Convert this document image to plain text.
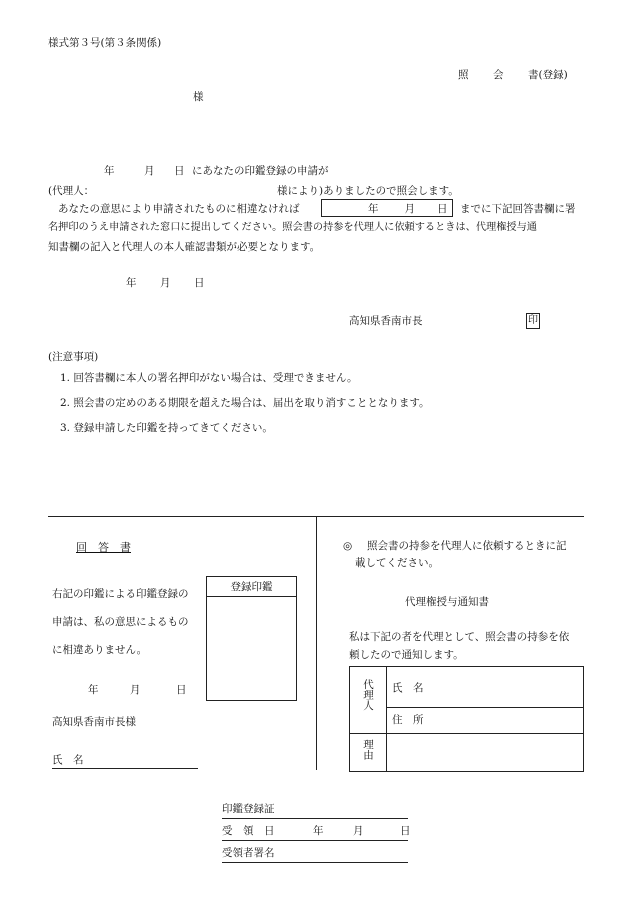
様式第３号(第３条関係)
照 会 書(登録)
様
年	月 日 にあなたの印鑑登録の申請が
(代理人：	様により)ありましたので照会します。
あなたの意思により申請されたものに相違なければ	年 月 日 までに下記回答書欄に署
名押印のうえ申請された窓口に提出してください。照会書の持参を代理人に依頼するときは、代理権授与通
知書欄の記入と代理人の本人確認書類が必要となります。
年 月 日
高知県香南市長	印
(注意事項)
1. 回答書欄に本人の署名押印がない場合は、受理できません。
2. 照会書の定めのある期限を超えた場合は、届出を取り消すこととなります。
3. 登録申請した印鑑を持ってきてください。
回　答　書
右記の印鑑による印鑑登録の
申請は、私の意思によるもの
に相違ありません。
登録印鑑
年	月	日
高知県香南市長様
氏　名
◎ 照会書の持参を代理人に依頼するときに記
載してください。
代理権授与通知書
私は下記の者を代理として、照会書の持参を依
頼したので通知します。
代理人 氏　名
住　所
理由
印鑑登録証
受　領　日	年	月	日
受領者署名
